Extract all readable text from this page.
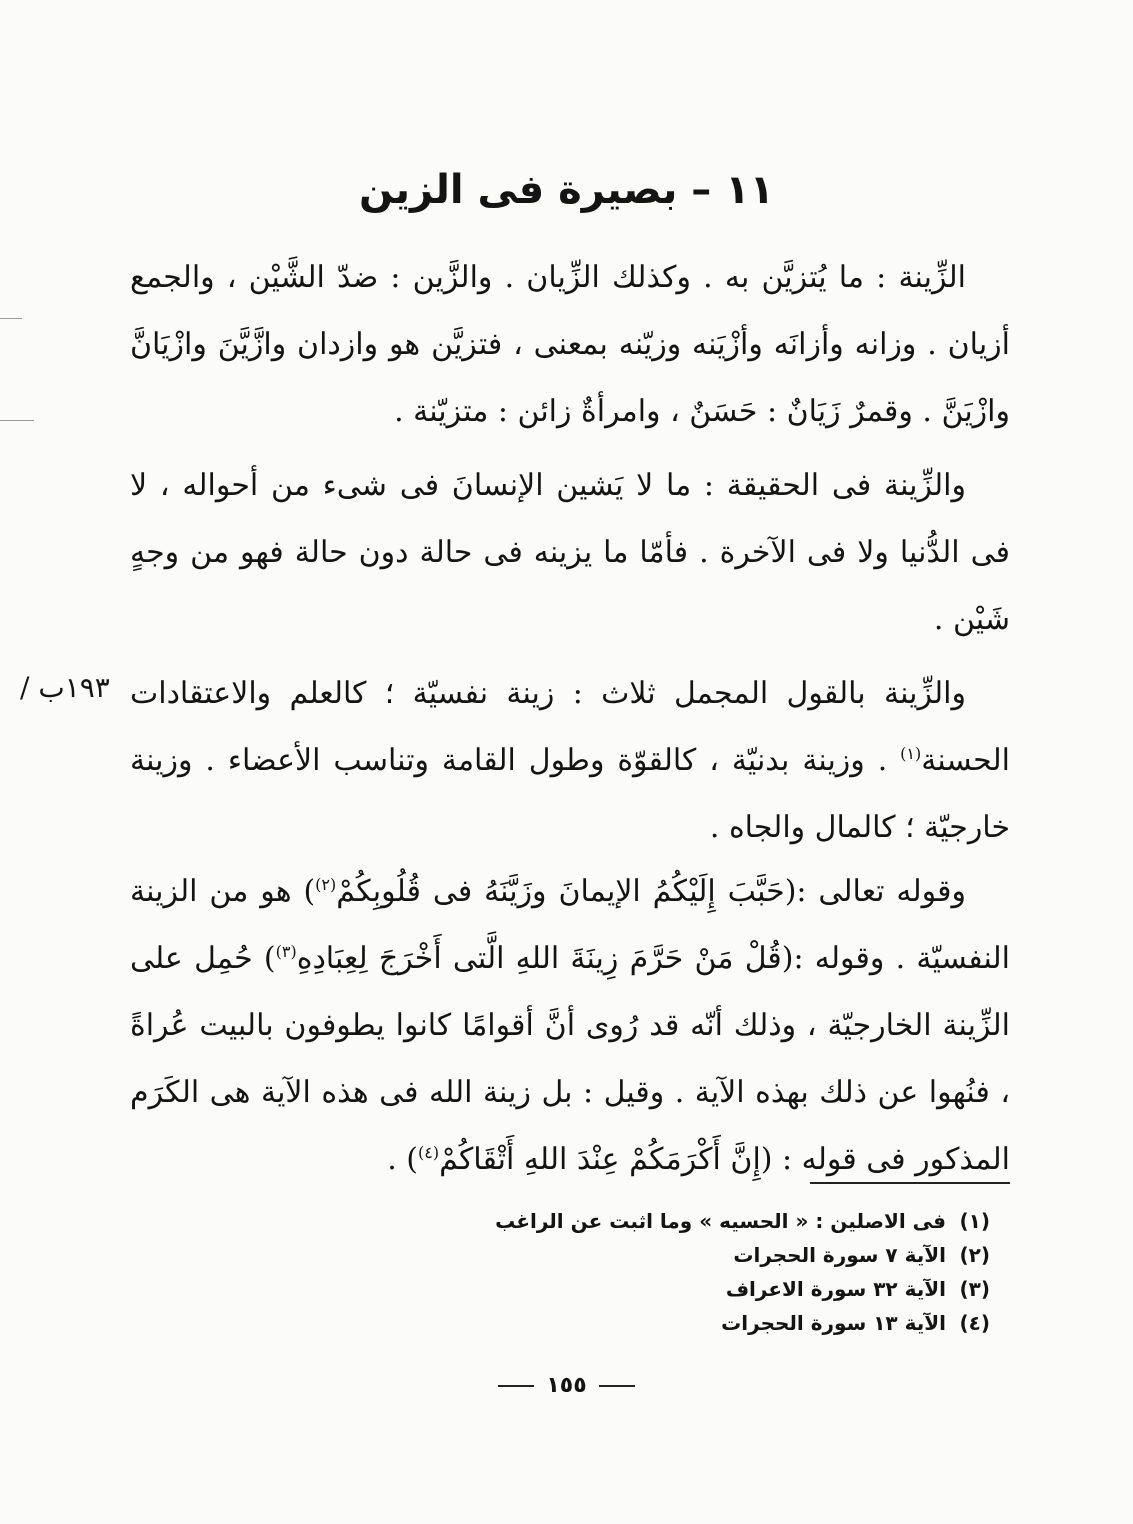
١١ – بصيرة فى الزين

الزِّينة : ما يُتزيَّن به . وكذلك الزِّيان . والزَّين : ضدّ الشَّيْن ، والجمع أزيان . وزانه وأزانَه وأزْيَنه وزيّنه بمعنى ، فتزيَّن هو وازدان وازَّيَّنَ وازْيَانَّ وازْيَنَّ . وقمرٌ زَيَانٌ : حَسَنٌ ، وامرأةٌ زائن : متزيّنة .

والزِّينة فى الحقيقة : ما لا يَشين الإنسانَ فى شىء من أحواله ، لا فى الدُّنيا ولا فى الآخرة . فأمّا ما يزينه فى حالة دون حالة فهو من وجهٍ شَيْن .

١٩٣ب / والزِّينة بالقول المجمل ثلاث : زينة نفسيّة ؛ كالعلم والاعتقادات الحسنة$^{(١)}$ . وزينة بدنيّة ، كالقوّة وطول القامة وتناسب الأعضاء . وزينة خارجيّة ؛ كالمال والجاه .

وقوله تعالى :(حَبَّبَ إِلَيْكُمُ الإيمانَ وزَيَّنَهُ فى قُلُوبِكُمْ$^{(٢)}$) هو من الزينة النفسيّة . وقوله :(قُلْ مَنْ حَرَّمَ زِينَةَ اللهِ الَّتى أَخْرَجَ لِعِبَادِهِ$^{(٣)}$) حُمِل على الزِّينة الخارجيّة ، وذلك أنّه قد رُوى أنَّ أقوامًا كانوا يطوفون بالبيت عُراةً ، فنُهوا عن ذلك بهذه الآية . وقيل : بل زينة الله فى هذه الآية هى الكَرَم المذكور فى قوله : (إِنَّ أَكْرَمَكُمْ عِنْدَ اللهِ أَتْقَاكُمْ$^{(٤)}$) .

(١)فى الاصلين : « الحسيه » وما اثبت عن الراغب
(٢)الآية ٧ سورة الحجرات
(٣)الآية ٣٢ سورة الاعراف
(٤)الآية ١٣ سورة الحجرات
١٥٥
